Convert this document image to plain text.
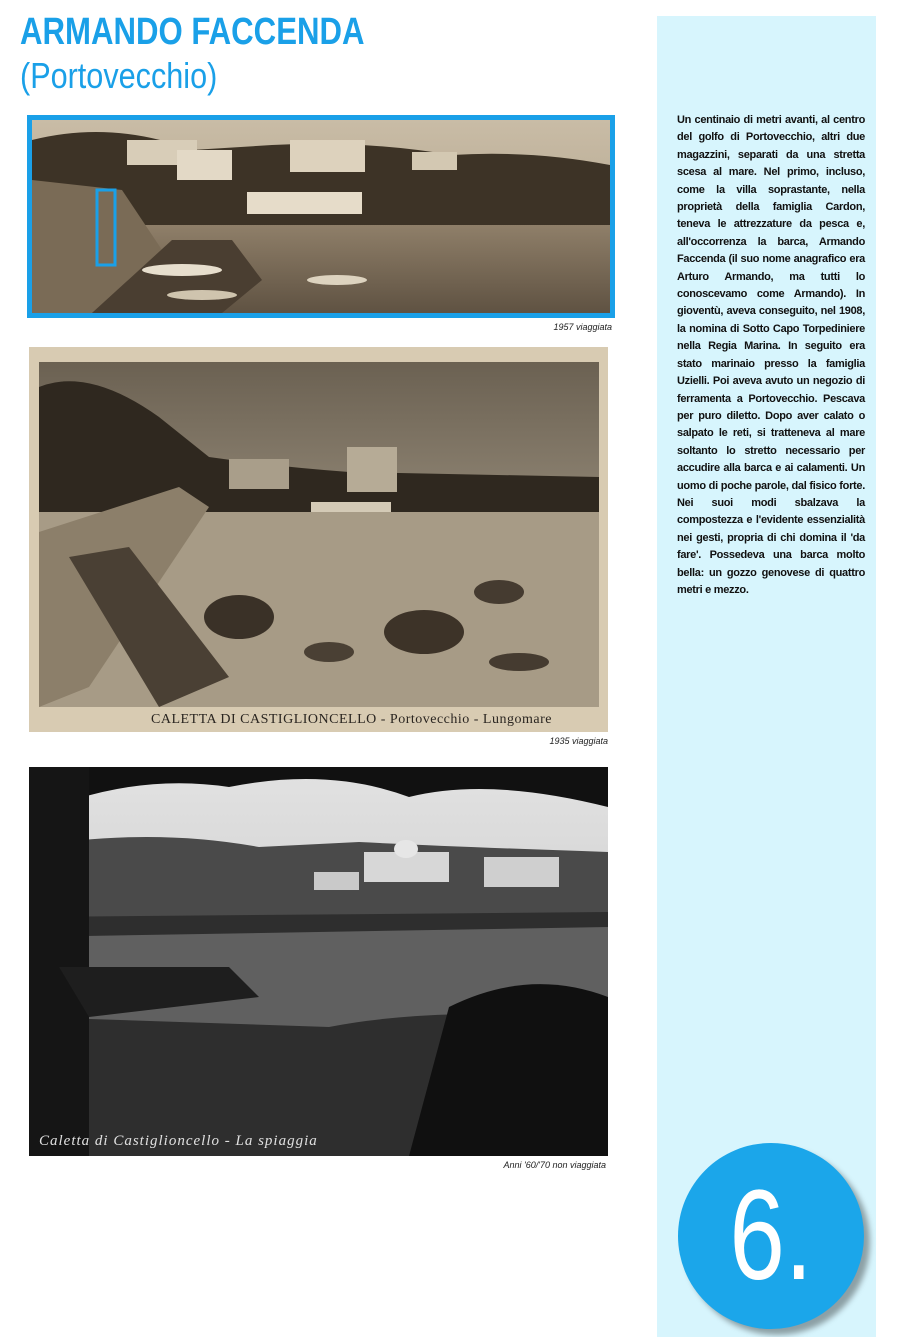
ARMANDO FACCENDA
(Portovecchio)

Un centinaio di metri avanti, al centro del golfo di Portovecchio, altri due magazzini, separati da una stretta scesa al mare. Nel primo, incluso, come la villa soprastante, nella proprietà della famiglia Cardon, teneva le attrezzature da pesca e, all'occorrenza la barca, Armando Faccenda (il suo nome anagrafico era Arturo Armando, ma tutti lo conoscevamo come Armando). In gioventù, aveva conseguito, nel 1908, la nomina di Sotto Capo Torpediniere nella Regia Marina. In seguito era stato marinaio presso la famiglia Uzielli. Poi aveva avuto un negozio di ferramenta a Portovecchio. Pescava per puro diletto. Dopo aver calato o salpato le reti, si tratteneva al mare soltanto lo stretto necessario per accudire alla barca e ai calamenti. Un uomo di poche parole, dal fisico forte. Nei suoi modi sbalzava la compostezza e l'evidente essenzialità nei gesti, propria di chi domina il 'da fare'. Possedeva una barca molto bella: un gozzo genovese di quattro metri e mezzo.

1957 viaggiata
CALETTA DI CASTIGLIONCELLO - Portovecchio - Lungomare
1935 viaggiata
Caletta di Castiglioncello - La spiaggia
Anni '60/'70 non viaggiata 6.
